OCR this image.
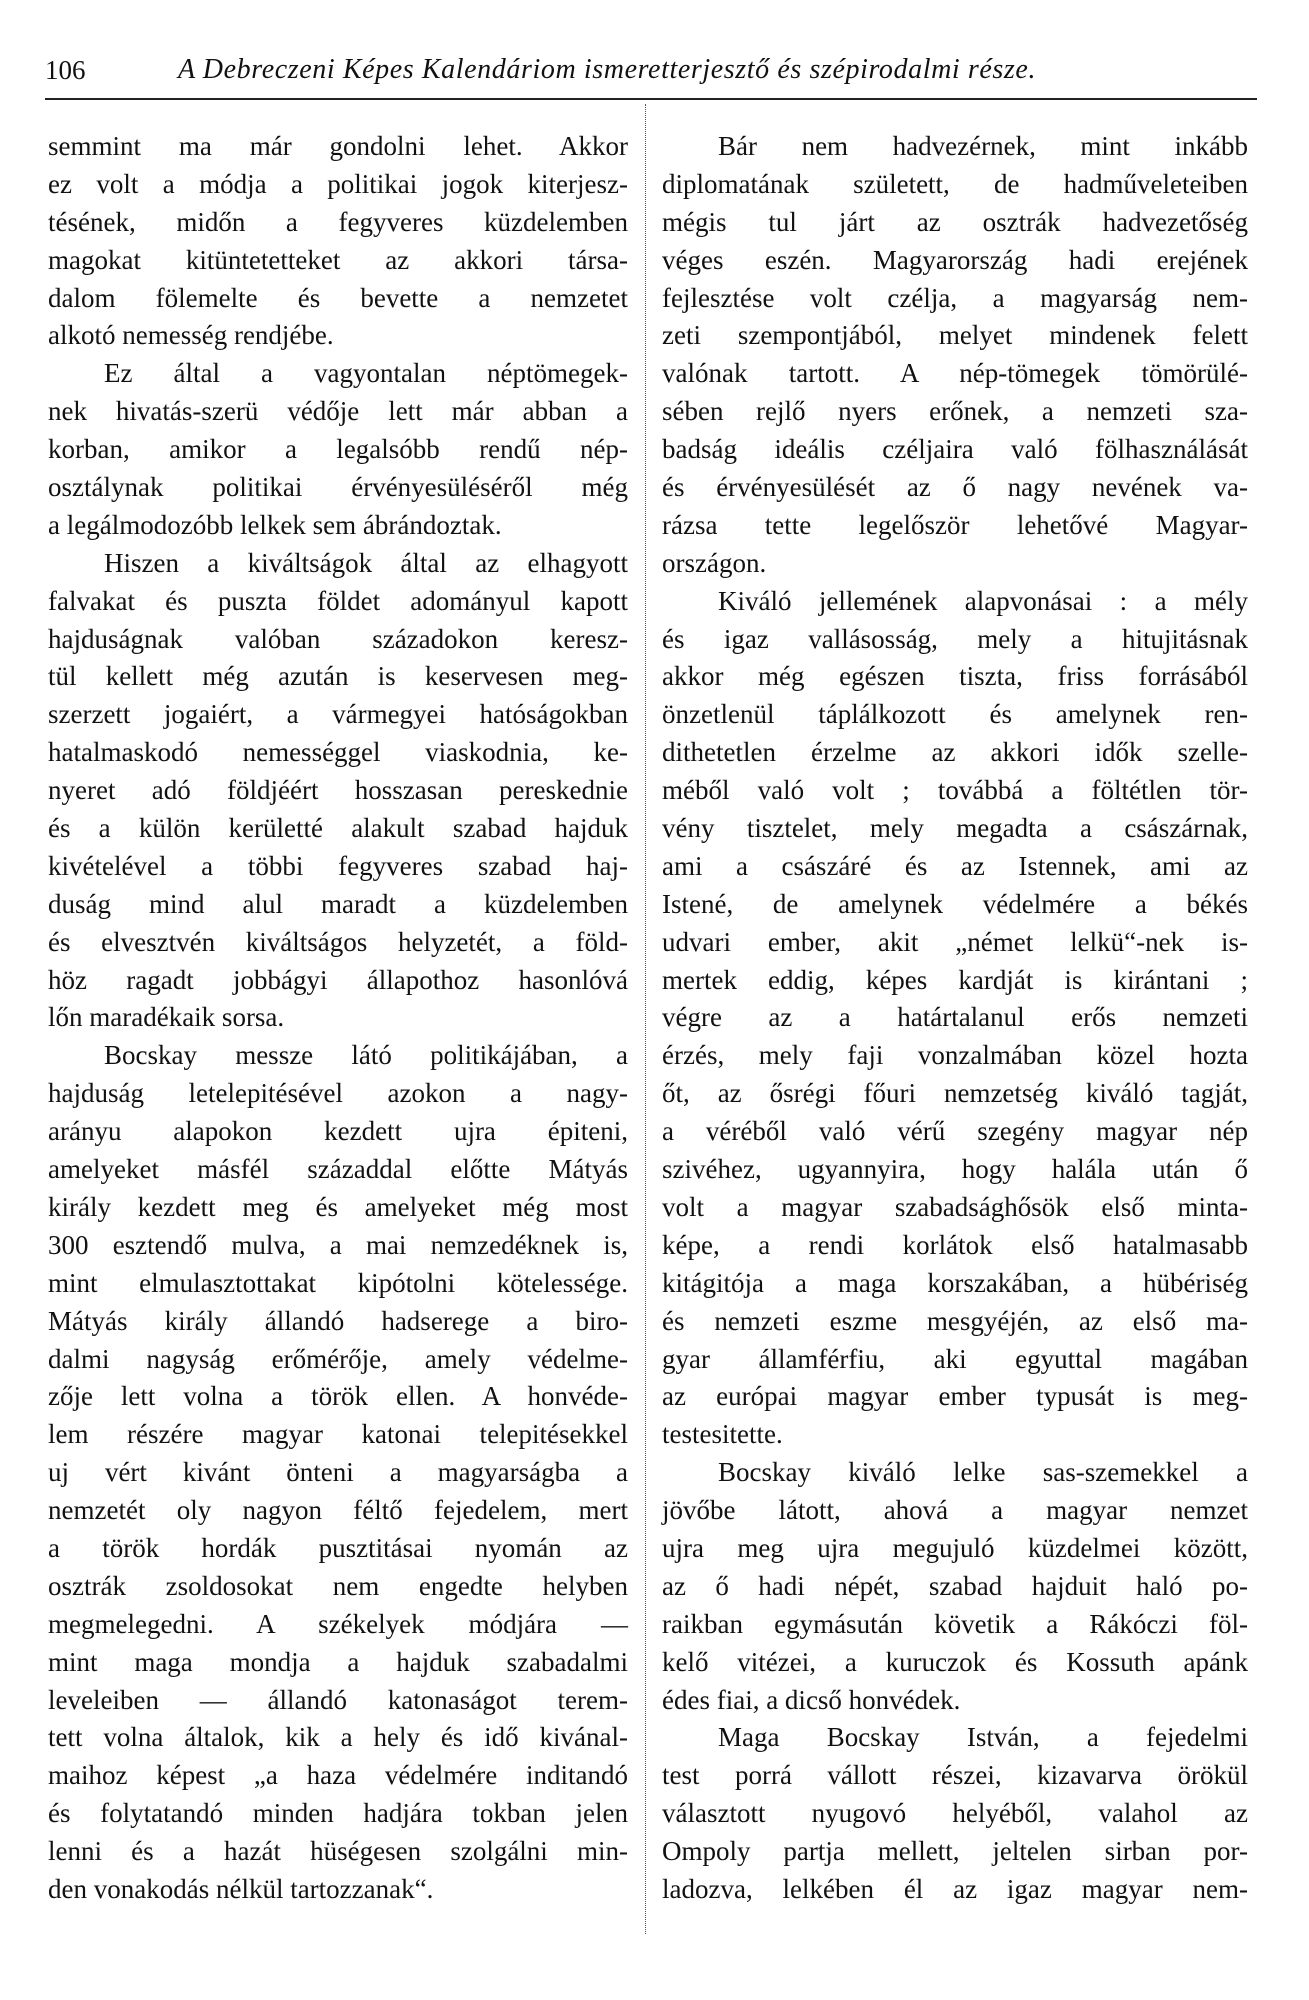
106	A Debreczeni Képes Kalendáriom ismeretterjesztő és szépirodalmi része.
semmint ma már gondolni lehet. Akkor
ez volt a módja a politikai jogok kiterjesz-
tésének, midőn a fegyveres küzdelemben
magokat kitüntetetteket az akkori társa-
dalom fölemelte és bevette a nemzetet
alkotó nemesség rendjébe.
Ez által a vagyontalan néptömegek-
nek hivatás-szerü védője lett már abban a
korban, amikor a legalsóbb rendű nép-
osztálynak politikai érvényesüléséről még
a legálmodozóbb lelkek sem ábrándoztak.
Hiszen a kiváltságok által az elhagyott
falvakat és puszta földet adományul kapott
hajduságnak valóban századokon keresz-
tül kellett még azután is keservesen meg-
szerzett jogaiért, a vármegyei hatóságokban
hatalmaskodó nemességgel viaskodnia, ke-
nyeret adó földjéért hosszasan pereskednie
és a külön kerületté alakult szabad hajduk
kivételével a többi fegyveres szabad haj-
duság mind alul maradt a küzdelemben
és elvesztvén kiváltságos helyzetét, a föld-
höz ragadt jobbágyi állapothoz hasonlóvá
lőn maradékaik sorsa.
Bocskay messze látó politikájában, a
hajduság letelepitésével azokon a nagy-
arányu alapokon kezdett ujra épiteni,
amelyeket másfél századdal előtte Mátyás
király kezdett meg és amelyeket még most
300 esztendő mulva, a mai nemzedéknek is,
mint elmulasztottakat kipótolni kötelessége.
Mátyás király állandó hadserege a biro-
dalmi nagyság erőmérője, amely védelme-
zője lett volna a török ellen. A honvéde-
lem részére magyar katonai telepitésekkel
uj vért kivánt önteni a magyarságba a
nemzetét oly nagyon féltő fejedelem, mert
a török hordák pusztitásai nyomán az
osztrák zsoldosokat nem engedte helyben
megmelegedni. A székelyek módjára —
mint maga mondja a hajduk szabadalmi
leveleiben — állandó katonaságot terem-
tett volna általok, kik a hely és idő kivánal-
maihoz képest „a haza védelmére inditandó
és folytatandó minden hadjára tokban jelen
lenni és a hazát hüségesen szolgálni min-
den vonakodás nélkül tartozzanak“.
Bár nem hadvezérnek, mint inkább
diplomatának született, de hadműveleteiben
mégis tul járt az osztrák hadvezetőség
véges eszén. Magyarország hadi erejének
fejlesztése volt czélja, a magyarság nem-
zeti szempontjából, melyet mindenek felett
valónak tartott. A nép-tömegek tömörülé-
sében rejlő nyers erőnek, a nemzeti sza-
badság ideális czéljaira való fölhasználását
és érvényesülését az ő nagy nevének va-
rázsa tette legelőször lehetővé Magyar-
országon.
Kiváló jellemének alapvonásai : a mély
és igaz vallásosság, mely a hitujitásnak
akkor még egészen tiszta, friss forrásából
önzetlenül táplálkozott és amelynek ren-
dithetetlen érzelme az akkori idők szelle-
méből való volt ; továbbá a föltétlen tör-
vény tisztelet, mely megadta a császárnak,
ami a császáré és az Istennek, ami az
Istené, de amelynek védelmére a békés
udvari ember, akit „német lelkü“-nek is-
mertek eddig, képes kardját is kirántani ;
végre az a határtalanul erős nemzeti
érzés, mely faji vonzalmában közel hozta
őt, az ősrégi főuri nemzetség kiváló tagját,
a véréből való vérű szegény magyar nép
szivéhez, ugyannyira, hogy halála után ő
volt a magyar szabadsághősök első minta-
képe, a rendi korlátok első hatalmasabb
kitágitója a maga korszakában, a hübériség
és nemzeti eszme mesgyéjén, az első ma-
gyar államférfiu, aki egyuttal magában
az európai magyar ember typusát is meg-
testesitette.
Bocskay kiváló lelke sas-szemekkel a
jövőbe látott, ahová a magyar nemzet
ujra meg ujra megujuló küzdelmei között,
az ő hadi népét, szabad hajduit haló po-
raikban egymásután követik a Rákóczi föl-
kelő vitézei, a kuruczok és Kossuth apánk
édes fiai, a dicső honvédek.
Maga Bocskay István, a fejedelmi
test porrá vállott részei, kizavarva örökül
választott nyugovó helyéből, valahol az
Ompoly partja mellett, jeltelen sirban por-
ladozva, lelkében él az igaz magyar nem-
